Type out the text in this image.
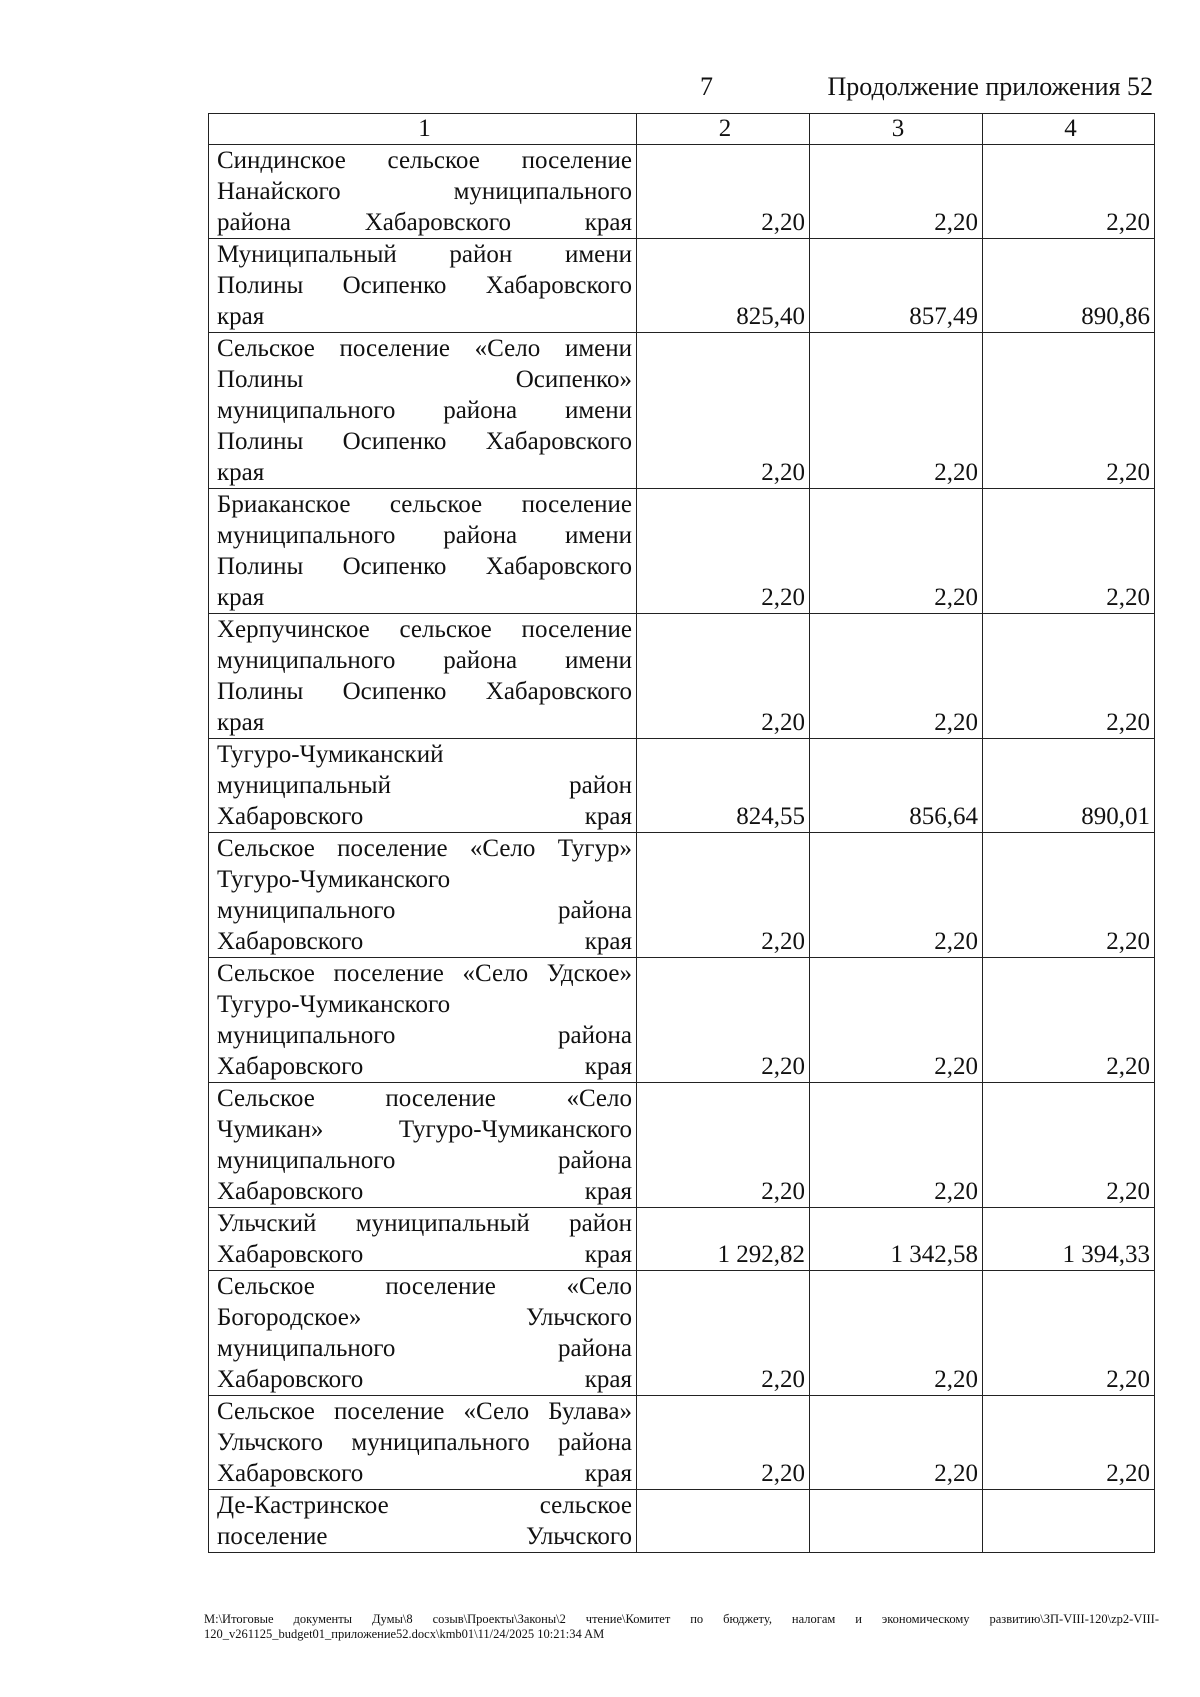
7	Продолжение приложения 52
1	2	3	4

Синдинское сельское поселение
Нанайского муниципального
района Хабаровского края	2,20	2,20	2,20

Муниципальный район имени
Полины Осипенко Хабаровского
края	825,40	857,49	890,86

Сельское поселение «Село имени
Полины Осипенко»
муниципального района имени
Полины Осипенко Хабаровского
края	2,20	2,20	2,20

Бриаканское сельское поселение
муниципального района имени
Полины Осипенко Хабаровского
края	2,20	2,20	2,20

Херпучинское сельское поселение
муниципального района имени
Полины Осипенко Хабаровского
края	2,20	2,20	2,20

Тугуро-Чумиканский
муниципальный район
Хабаровского края	824,55	856,64	890,01

Сельское поселение «Село Тугур»
Тугуро-Чумиканского
муниципального района
Хабаровского края	2,20	2,20	2,20

Сельское поселение «Село Удское»
Тугуро-Чумиканского
муниципального района
Хабаровского края	2,20	2,20	2,20

Сельское поселение «Село
Чумикан» Тугуро-Чумиканского
муниципального района
Хабаровского края	2,20	2,20	2,20

Ульчский муниципальный район
Хабаровского края	1 292,82	1 342,58	1 394,33

Сельское поселение «Село
Богородское» Ульчского
муниципального района
Хабаровского края	2,20	2,20	2,20

Сельское поселение «Село Булава»
Ульчского муниципального района
Хабаровского края	2,20	2,20	2,20

Де-Кастринское сельское
поселение Ульчского			

М:\Итоговые документы Думы\8 созыв\Проекты\Законы\2 чтение\Комитет по бюджету, налогам и экономическому развитию\ЗП-VIII-120\zp2-VIII-120_v261125_budget01_приложение52.docx\kmb01\11/24/2025 10:21:34 AM
